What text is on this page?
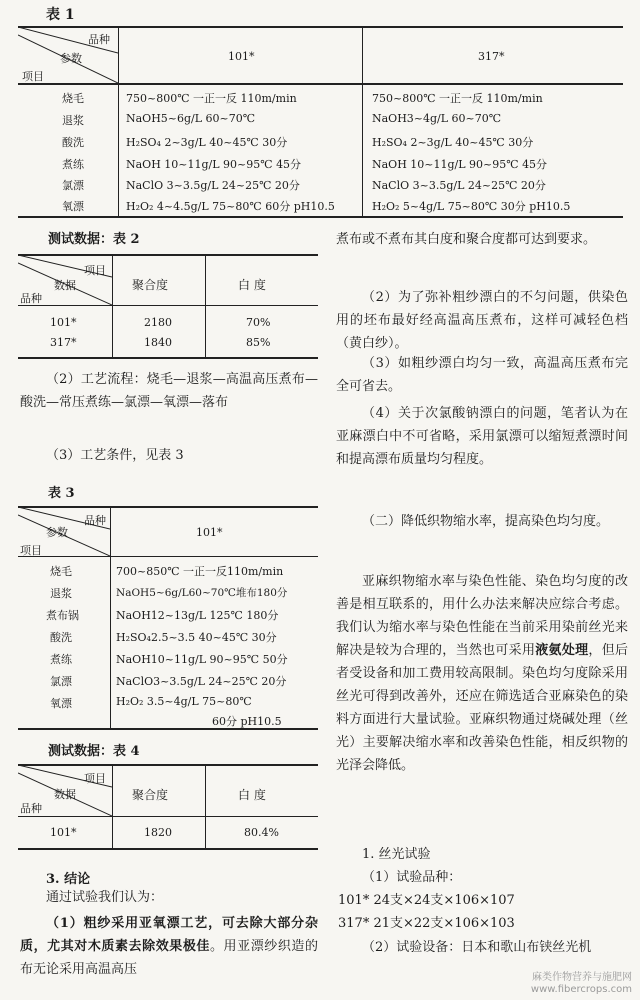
表 1
品种
参数
项目
101*	317*
烧毛	750~800℃ 一正一反 110m/min	750~800℃ 一正一反 110m/min
退浆	NaOH5~6g/L 60~70℃	NaOH3~4g/L 60~70℃
酸洗	H₂SO₄ 2~3g/L 40~45℃ 30分	H₂SO₄ 2~3g/L 40~45℃ 30分
煮练	NaOH 10~11g/L 90~95℃ 45分	NaOH 10~11g/L 90~95℃ 45分
氯漂	NaClO 3~3.5g/L 24~25℃ 20分	NaClO 3~3.5g/L 24~25℃ 20分
氧漂	H₂O₂ 4~4.5g/L 75~80℃ 60分 pH10.5	H₂O₂ 5~4g/L 75~80℃ 30分 pH10.5
测试数据：表 2
项目
数据
品种
聚合度	白 度
101*	2180	70%
317*	1840	85%
（2）工艺流程：烧毛—退浆—高温高压煮布—酸洗—常压煮练—氯漂—氧漂—落布
（3）工艺条件，见表 3
表 3
品种
参数
项目
101*
烧毛	700~850℃ 一正一反110m/min
退浆	NaOH5~6g/L60~70℃堆布180分
煮布锅	NaOH12~13g/L 125℃ 180分
酸洗	H₂SO₄2.5~3.5 40~45℃ 30分
煮练	NaOH10~11g/L 90~95℃ 50分
氯漂	NaClO3~3.5g/L 24~25℃ 20分
氧漂	H₂O₂ 3.5~4g/L 75~80℃
60分 pH10.5
测试数据：表 4
项目
数据
品种
聚合度	白 度
101*	1820	80.4%
3. 结论
通过试验我们认为：
（1）粗纱采用亚氧漂工艺，可去除大部分杂质，尤其对木质素去除效果极佳。用亚漂纱织造的布无论采用高温高压
煮布或不煮布其白度和聚合度都可达到要求。
（2）为了弥补粗纱漂白的不匀问题，供染色用的坯布最好经高温高压煮布，这样可减轻色档（黄白纱）。
（3）如粗纱漂白均匀一致，高温高压煮布完全可省去。
（4）关于次氯酸钠漂白的问题，笔者认为在亚麻漂白中不可省略，采用氯漂可以缩短煮漂时间和提高漂布质量均匀程度。
（二）降低织物缩水率，提高染色均匀度。
亚麻织物缩水率与染色性能、染色均匀度的改善是相互联系的，用什么办法来解决应综合考虑。我们认为缩水率与染色性能在当前采用染前丝光来解决是较为合理的，当然也可采用液氨处理，但后者受设备和加工费用较高限制。染色均匀度除采用丝光可得到改善外，还应在筛选适合亚麻染色的染料方面进行大量试验。亚麻织物通过烧碱处理（丝光）主要解决缩水率和改善染色性能，相反织物的光泽会降低。
1. 丝光试验
（1）试验品种：
101* 24支×24支×106×107
317* 21支×22支×106×103
（2）试验设备：日本和歌山布铗丝光机
麻类作物营养与施肥网
www.fibercrops.com
